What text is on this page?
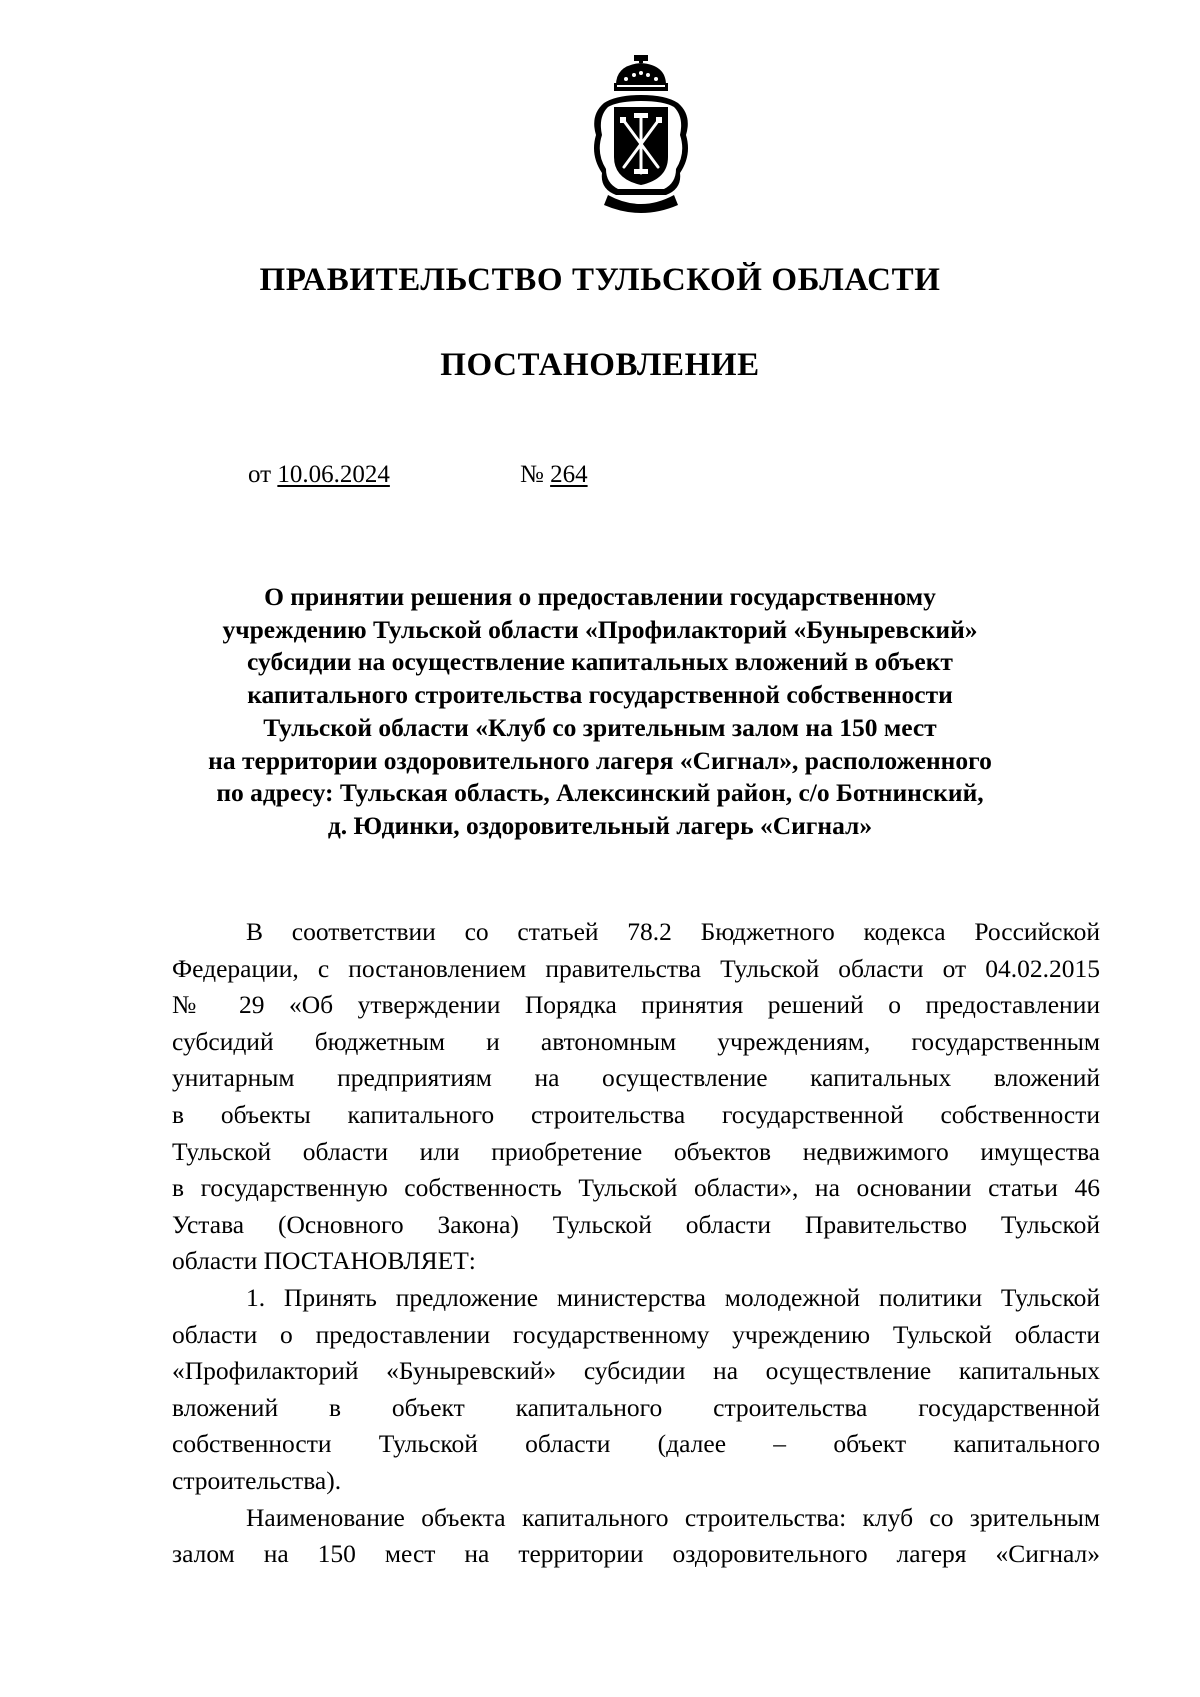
ПРАВИТЕЛЬСТВО ТУЛЬСКОЙ ОБЛАСТИ
ПОСТАНОВЛЕНИЕ
от 10.06.2024	№ 264
О принятии решения о предоставлении государственному
учреждению Тульской области «Профилакторий «Бунырeвский»
субсидии на осуществление капитальных вложений в объект
капитального строительства государственной собственности
Тульской области «Клуб со зрительным залом на 150 мест
на территории оздоровительного лагеря «Сигнал», расположенного
по адресу: Тульская область, Алексинский район, с/о Ботнинский,
д. Юдинки, оздоровительный лагерь «Сигнал»
В соответствии со статьей 78.2 Бюджетного кодекса Российской
Федерации, с постановлением правительства Тульской области от 04.02.2015
№ 29 «Об утверждении Порядка принятия решений о предоставлении
субсидий бюджетным и автономным учреждениям, государственным
унитарным предприятиям на осуществление капитальных вложений
в объекты капитального строительства государственной собственности
Тульской области или приобретение объектов недвижимого имущества
в государственную собственность Тульской области», на основании статьи 46
Устава (Основного Закона) Тульской области Правительство Тульской
области ПОСТАНОВЛЯЕТ:
1. Принять предложение министерства молодежной политики Тульской
области о предоставлении государственному учреждению Тульской области
«Профилакторий «Бунырeвский» субсидии на осуществление капитальных
вложений в объект капитального строительства государственной
собственности Тульской области (далее – объект капитального
строительства).
Наименование объекта капитального строительства: клуб со зрительным
залом на 150 мест на территории оздоровительного лагеря «Сигнал»
